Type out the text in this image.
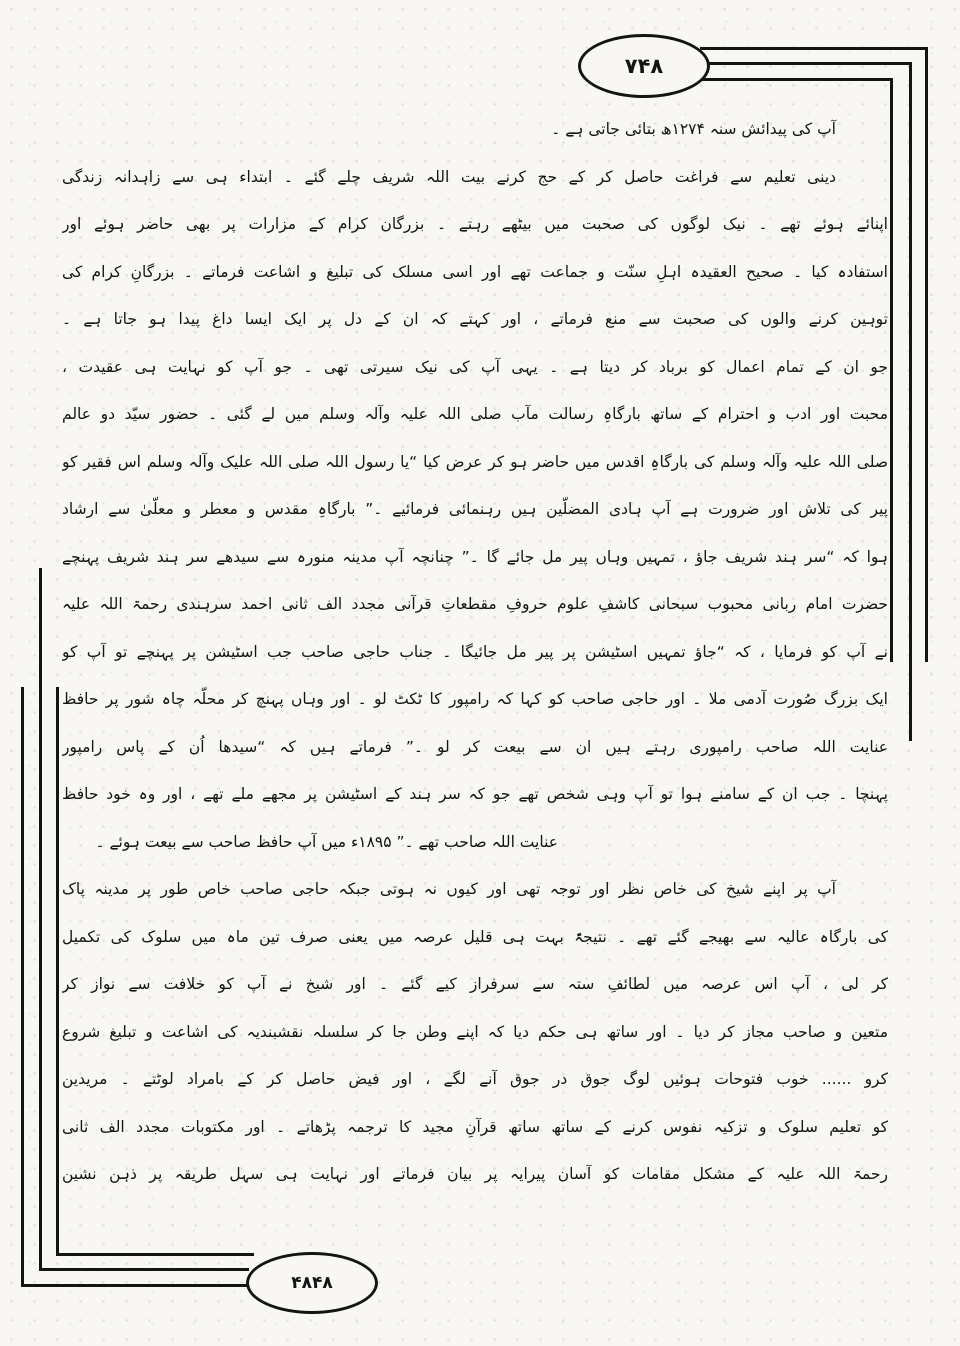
۷۴۸
۴۸۴۸
آپ کی پیدائش سنہ ۱۲۷۴ھ بتائی جاتی ہے ۔
دینی تعلیم سے فراغت حاصل کر کے حج کرنے بیت اللہ شریف چلے گئے ۔ ابتداء ہی سے زاہدانہ زندگی
اپنائے ہوئے تھے ۔ نیک لوگوں کی صحبت میں بیٹھے رہتے ۔ بزرگان کرام کے مزارات پر بھی حاضر ہوئے اور
استفادہ کیا ۔ صحیح العقیدہ اہلِ سنّت و جماعت تھے اور اسی مسلک کی تبلیغ و اشاعت فرماتے ۔ بزرگانِ کرام کی
توہین کرنے والوں کی صحبت سے منع فرماتے ، اور کہتے کہ ان کے دل پر ایک ایسا داغ پیدا ہو جاتا ہے ۔
جو ان کے تمام اعمال کو برباد کر دیتا ہے ۔ یہی آپ کی نیک سیرتی تھی ۔ جو آپ کو نہایت ہی عقیدت ،
محبت اور ادب و احترام کے ساتھ بارگاہِ رسالت مآب صلی اللہ علیہ وآلہ وسلم میں لے گئی ۔ حضور سیّد دو عالم
صلی اللہ علیہ وآلہ وسلم کی بارگاہِ اقدس میں حاضر ہو کر عرض کیا “یا رسول اللہ صلی اللہ علیک وآلہ وسلم اس فقیر کو
پیر کی تلاش اور ضرورت ہے آپ ہادی المضلّین ہیں رہنمائی فرمائیے ۔” بارگاہِ مقدس و معطر و معلّیٰ سے ارشاد
ہوا کہ “سر ہند شریف جاؤ ، تمہیں وہاں پیر مل جائے گا ۔” چنانچہ آپ مدینہ منورہ سے سیدھے سر ہند شریف پہنچے
حضرت امام ربانی محبوب سبحانی کاشفِ علوم حروفِ مقطعاتِ قرآنی مجدد الف ثانی احمد سرہندی رحمۃ اللہ علیہ
نے آپ کو فرمایا ، کہ “جاؤ تمہیں اسٹیشن پر پیر مل جائیگا ۔ جناب حاجی صاحب جب اسٹیشن پر پہنچے تو آپ کو
ایک بزرگ صُورت آدمی ملا ۔ اور حاجی صاحب کو کہا کہ رامپور کا ٹکٹ لو ۔ اور وہاں پہنچ کر محلّہ چاہ شور پر حافظ
عنایت اللہ صاحب رامپوری رہتے ہیں ان سے بیعت کر لو ۔” فرماتے ہیں کہ “سیدھا اُن کے پاس رامپور
پہنچا ۔ جب ان کے سامنے ہوا تو آپ وہی شخص تھے جو کہ سر ہند کے اسٹیشن پر مجھے ملے تھے ، اور وہ خود حافظ
عنایت اللہ صاحب تھے ۔” ۱۸۹۵ء میں آپ حافظ صاحب سے بیعت ہوئے ۔
آپ پر اپنے شیخ کی خاص نظر اور توجہ تھی اور کیوں نہ ہوتی جبکہ حاجی صاحب خاص طور پر مدینہ پاک
کی بارگاہ عالیہ سے بھیجے گئے تھے ۔ نتیجۃً بہت ہی قلیل عرصہ میں یعنی صرف تین ماہ میں سلوک کی تکمیل
کر لی ، آپ اس عرصہ میں لطائفِ ستہ سے سرفراز کیے گئے ۔ اور شیخ نے آپ کو خلافت سے نواز کر
متعین و صاحب مجاز کر دیا ۔ اور ساتھ ہی حکم دیا کہ اپنے وطن جا کر سلسلہ نقشبندیہ کی اشاعت و تبلیغ شروع
کرو ...... خوب فتوحات ہوئیں لوگ جوق در جوق آنے لگے ، اور فیض حاصل کر کے بامراد لوٹتے ۔ مریدین
کو تعلیم سلوک و تزکیہ نفوس کرنے کے ساتھ ساتھ قرآنِ مجید کا ترجمہ پڑھاتے ۔ اور مکتوبات مجدد الف ثانی
رحمۃ اللہ علیہ کے مشکل مقامات کو آسان پیرایہ پر بیان فرماتے اور نہایت ہی سہل طریقہ پر ذہن نشین
